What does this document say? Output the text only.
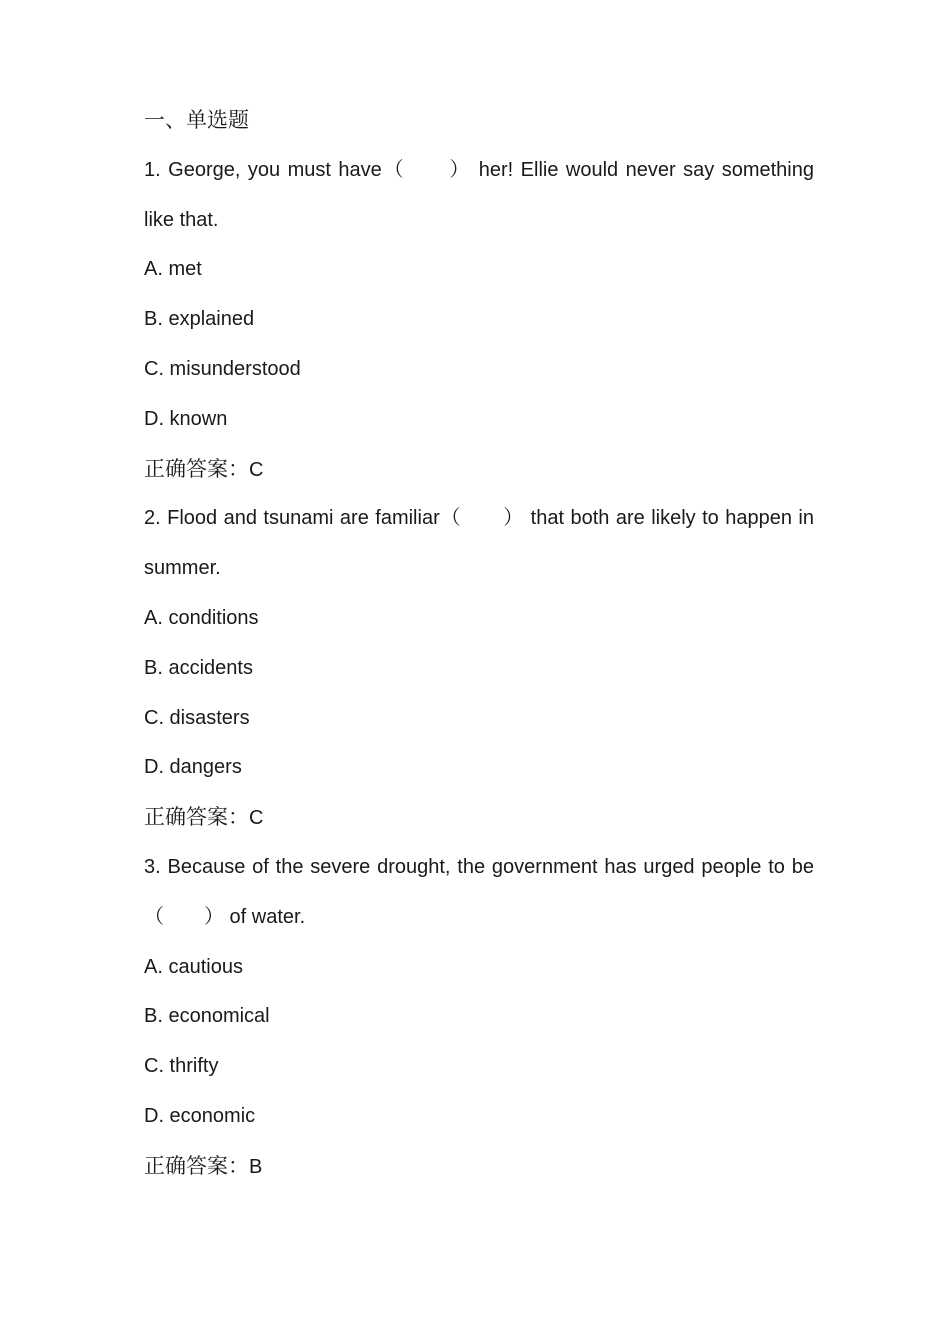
一、单选题
1. George, you must have（　　） her! Ellie would never say something like that.
A. met
B. explained
C. misunderstood
D. known
正确答案：C
2. Flood and tsunami are familiar（　　） that both are likely to happen in summer.
A. conditions
B. accidents
C. disasters
D. dangers
正确答案：C
3. Because of the severe drought, the government has urged people to be （　　） of water.
A. cautious
B. economical
C. thrifty
D. economic
正确答案：B
